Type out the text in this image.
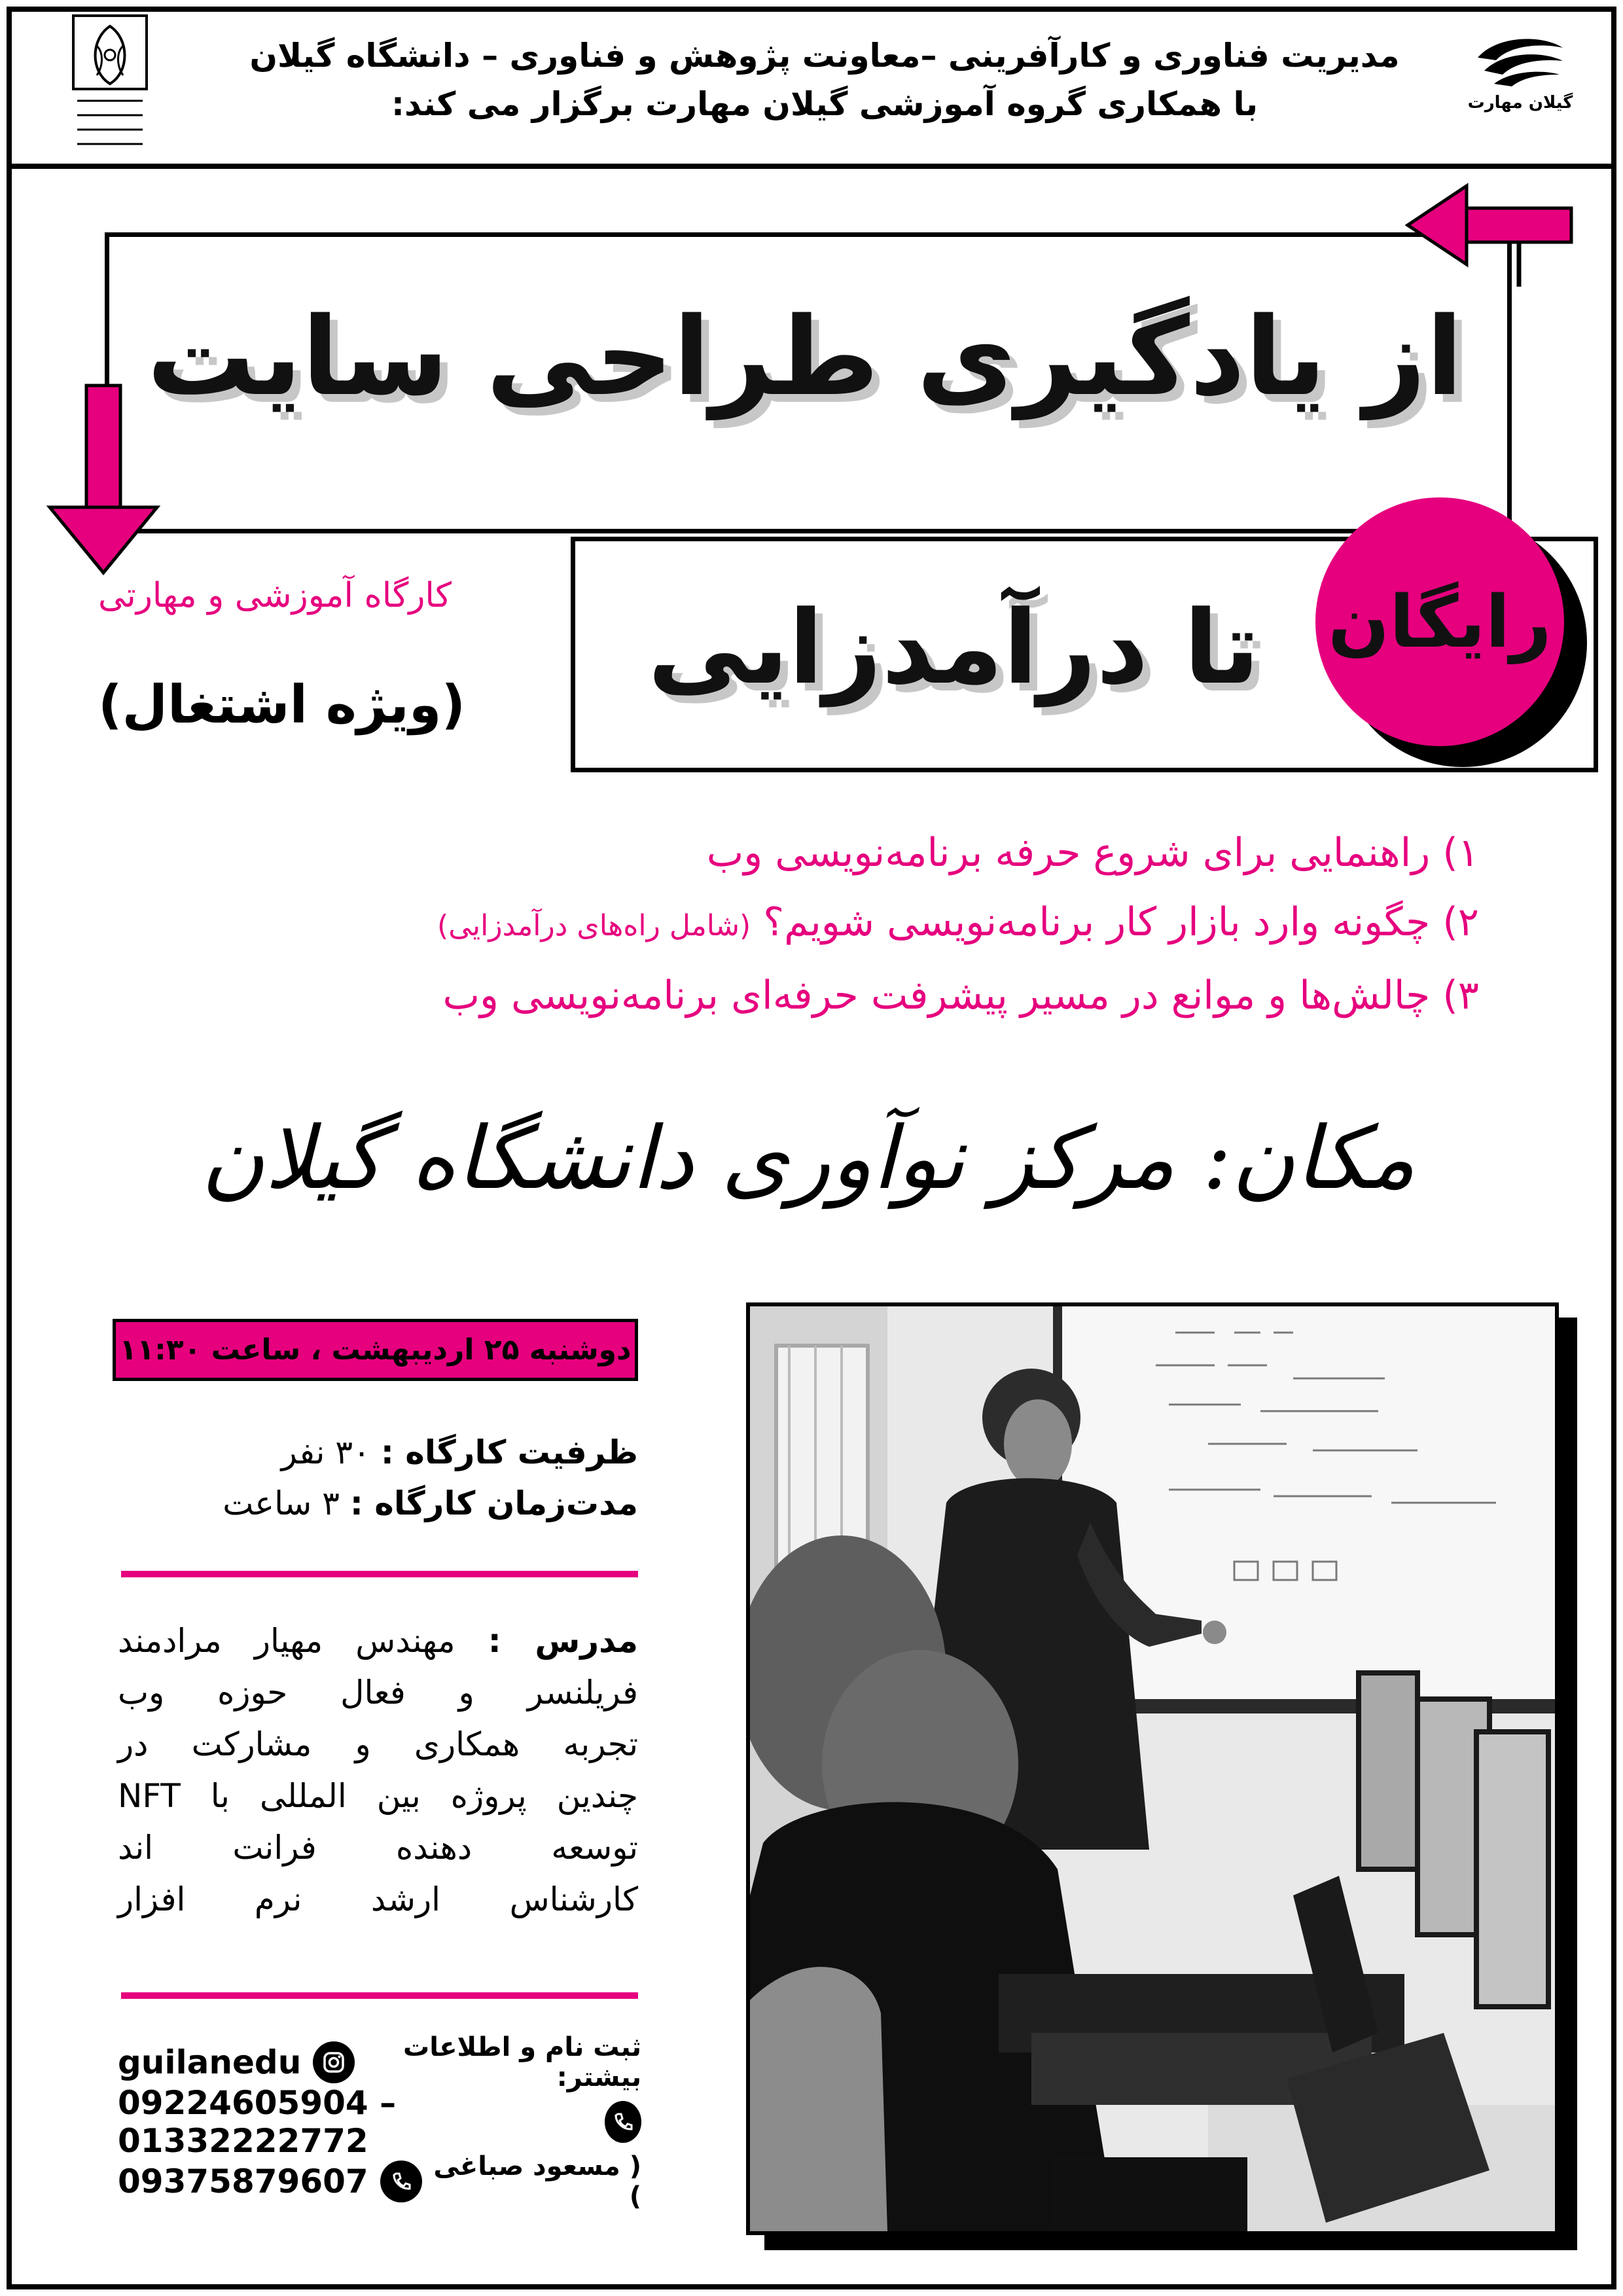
مدیریت فناوری و کارآفرینی –معاونت پژوهش و فناوری – دانشگاه گیلان
با همکاری گروه آموزشی گیلان مهارت برگزار می کند:	گیلان مهارت
از یادگیری طراحی سایت
تا درآمدزایی رایگان
کارگاه آموزشی و مهارتی
(ویژه اشتغال)
۱) راهنمایی برای شروع حرفه برنامه‌نویسی وب
۲) چگونه وارد بازار کار برنامه‌نویسی شویم؟ (شامل راه‌های درآمدزایی)
۳) چالش‌ها و موانع در مسیر پیشرفت حرفه‌ای برنامه‌نویسی وب
مکان: مرکز نوآوری دانشگاه گیلان
دوشنبه ۲۵ اردیبهشت ، ساعت ۱۱:۳۰
ظرفیت کارگاه : ۳۰ نفر
مدت‌زمان کارگاه : ۳ ساعت
مدرس : مهندس مهیار مرادمند
فریلنسر و فعال حوزه وب
تجربه همکاری و مشارکت در
چندین پروژه بین المللی با NFT
توسعه دهنده فرانت اند
کارشناس ارشد نرم افزار
ثبت نام و اطلاعات بیشتر:
guilanedu
09224605904 – 01332222772
( مسعود صباغی )
09375879607
